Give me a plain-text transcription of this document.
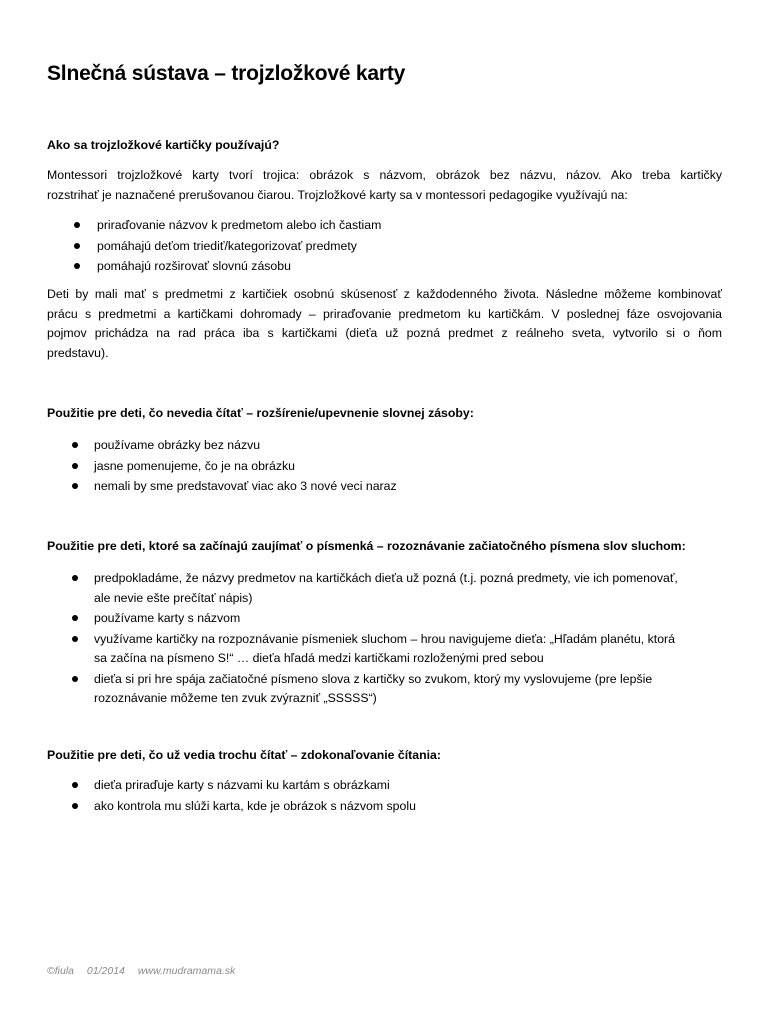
Slnečná sústava – trojzložkové karty

Ako sa trojzložkové kartičky používajú?

Montessori trojzložkové karty tvorí trojica: obrázok s názvom, obrázok bez názvu, názov. Ako treba kartičky
rozstrihať je naznačené prerušovanou čiarou. Trojzložkové karty sa v montessori pedagogike využívajú na:

priraďovanie názvov k predmetom alebo ich častiam
pomáhajú deťom triediť/kategorizovať predmety
pomáhajú rozširovať slovnú zásobu

Deti by mali mať s predmetmi z kartičiek osobnú skúsenosť z každodenného života. Následne môžeme kombinovať
prácu s predmetmi a kartičkami dohromady – priraďovanie predmetom ku kartičkám. V poslednej fáze osvojovania
pojmov prichádza na rad práca iba s kartičkami (dieťa už pozná predmet z reálneho sveta, vytvorilo si o ňom
predstavu).

Použitie pre deti, čo nevedia čítať – rozšírenie/upevnenie slovnej zásoby:

používame obrázky bez názvu
jasne pomenujeme, čo je na obrázku
nemali by sme predstavovať viac ako 3 nové veci naraz

Použitie pre deti, ktoré sa začínajú zaujímať o písmenká – rozoznávanie začiatočného písmena slov sluchom:

predpokladáme, že názvy predmetov na kartičkách dieťa už pozná (t.j. pozná predmety, vie ich pomenovať,
ale nevie ešte prečítať nápis)
používame karty s názvom
využívame kartičky na rozpoznávanie písmeniek sluchom – hrou navigujeme dieťa: „Hľadám planétu, ktorá
sa začína na písmeno S!“ … dieťa hľadá medzi kartičkami rozloženými pred sebou
dieťa si pri hre spája začiatočné písmeno slova z kartičky so zvukom, ktorý my vyslovujeme (pre lepšie
rozoznávanie môžeme ten zvuk zvýrazniť „SSSSS“)

Použitie pre deti, čo už vedia trochu čítať – zdokonaľovanie čítania:

dieťa priraďuje karty s názvami ku kartám s obrázkami
ako kontrola mu slúži karta, kde je obrázok s názvom spolu
©fiula 01/2014 www.mudramama.sk
